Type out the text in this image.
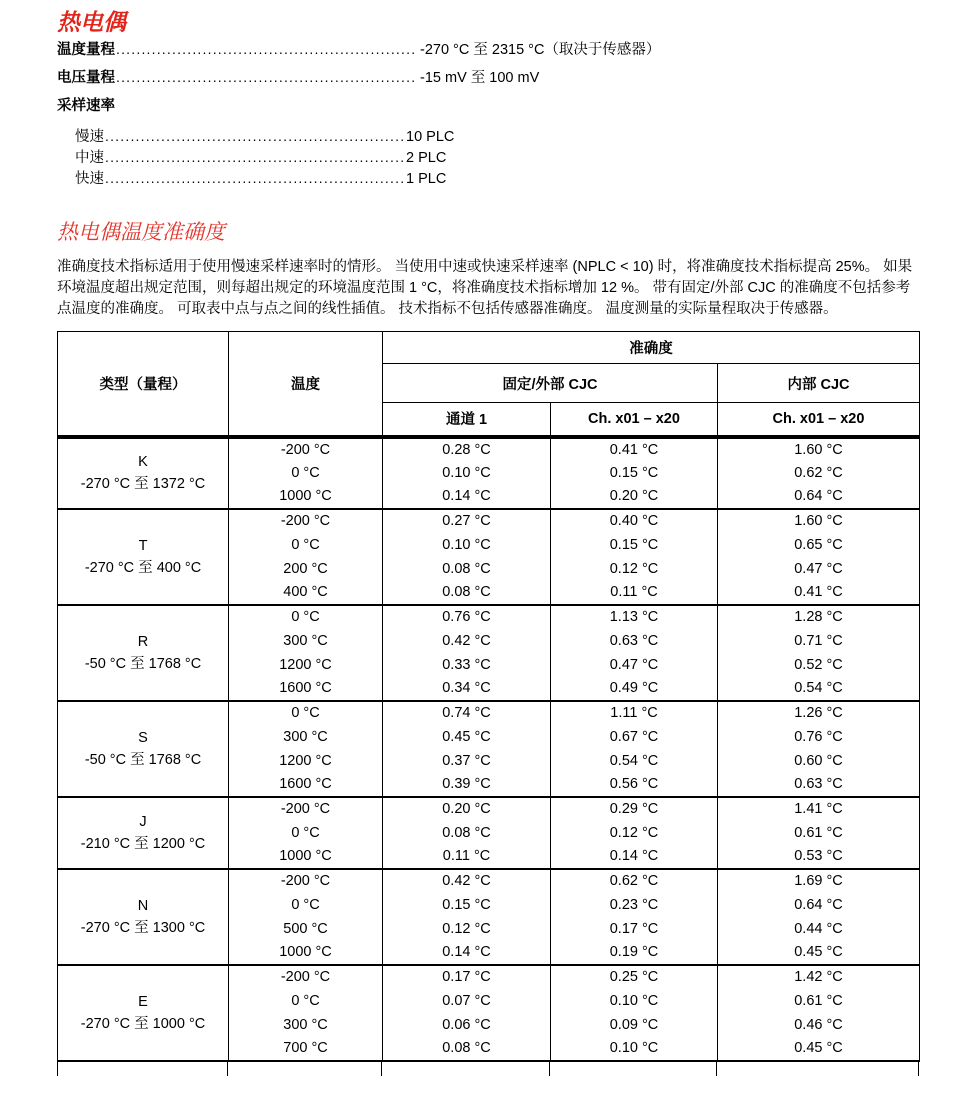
热电偶
温度量程 .....	-270 °C 至 2315 °C（取决于传感器）
电压量程 .....	-15 mV 至 100 mV
采样速率
慢速 .....	10 PLC
中速 .....	2 PLC
快速 .....	1 PLC
热电偶温度准确度

准确度技术指标适用于使用慢速采样速率时的情形。 当使用中速或快速采样速率 (NPLC < 10) 时，将准确度技术指标提高 25%。 如果环境温度超出规定范围，则每超出规定的环境温度范围 1 °C，将准确度技术指标增加 12 %。 带有固定/外部 CJC 的准确度不包括参考点温度的准确度。 可取表中点与点之间的线性插值。 技术指标不包括传感器准确度。 温度测量的实际量程取决于传感器。

类型（量程）	温度	准确度		
		固定/外部 CJC		内部 CJC
		通道 1	Ch. x01 – x20	Ch. x01 – x20

K
-270 °C 至 1372 °C	-200 °C	0.28 °C	0.41 °C	1.60 °C
	0 °C	0.10 °C	0.15 °C	0.62 °C
	1000 °C	0.14 °C	0.20 °C	0.64 °C

T
-270 °C 至 400 °C	-200 °C	0.27 °C	0.40 °C	1.60 °C
	0 °C	0.10 °C	0.15 °C	0.65 °C
	200 °C	0.08 °C	0.12 °C	0.47 °C
	400 °C	0.08 °C	0.11 °C	0.41 °C

R
-50 °C 至 1768 °C	0 °C	0.76 °C	1.13 °C	1.28 °C
	300 °C	0.42 °C	0.63 °C	0.71 °C
	1200 °C	0.33 °C	0.47 °C	0.52 °C
	1600 °C	0.34 °C	0.49 °C	0.54 °C

S
-50 °C 至 1768 °C	0 °C	0.74 °C	1.11 °C	1.26 °C
	300 °C	0.45 °C	0.67 °C	0.76 °C
	1200 °C	0.37 °C	0.54 °C	0.60 °C
	1600 °C	0.39 °C	0.56 °C	0.63 °C

J
-210 °C 至 1200 °C	-200 °C	0.20 °C	0.29 °C	1.41 °C
	0 °C	0.08 °C	0.12 °C	0.61 °C
	1000 °C	0.11 °C	0.14 °C	0.53 °C

N
-270 °C 至 1300 °C	-200 °C	0.42 °C	0.62 °C	1.69 °C
	0 °C	0.15 °C	0.23 °C	0.64 °C
	500 °C	0.12 °C	0.17 °C	0.44 °C
	1000 °C	0.14 °C	0.19 °C	0.45 °C

E
-270 °C 至 1000 °C	-200 °C	0.17 °C	0.25 °C	1.42 °C
	0 °C	0.07 °C	0.10 °C	0.61 °C
	300 °C	0.06 °C	0.09 °C	0.46 °C
	700 °C	0.08 °C	0.10 °C	0.45 °C
